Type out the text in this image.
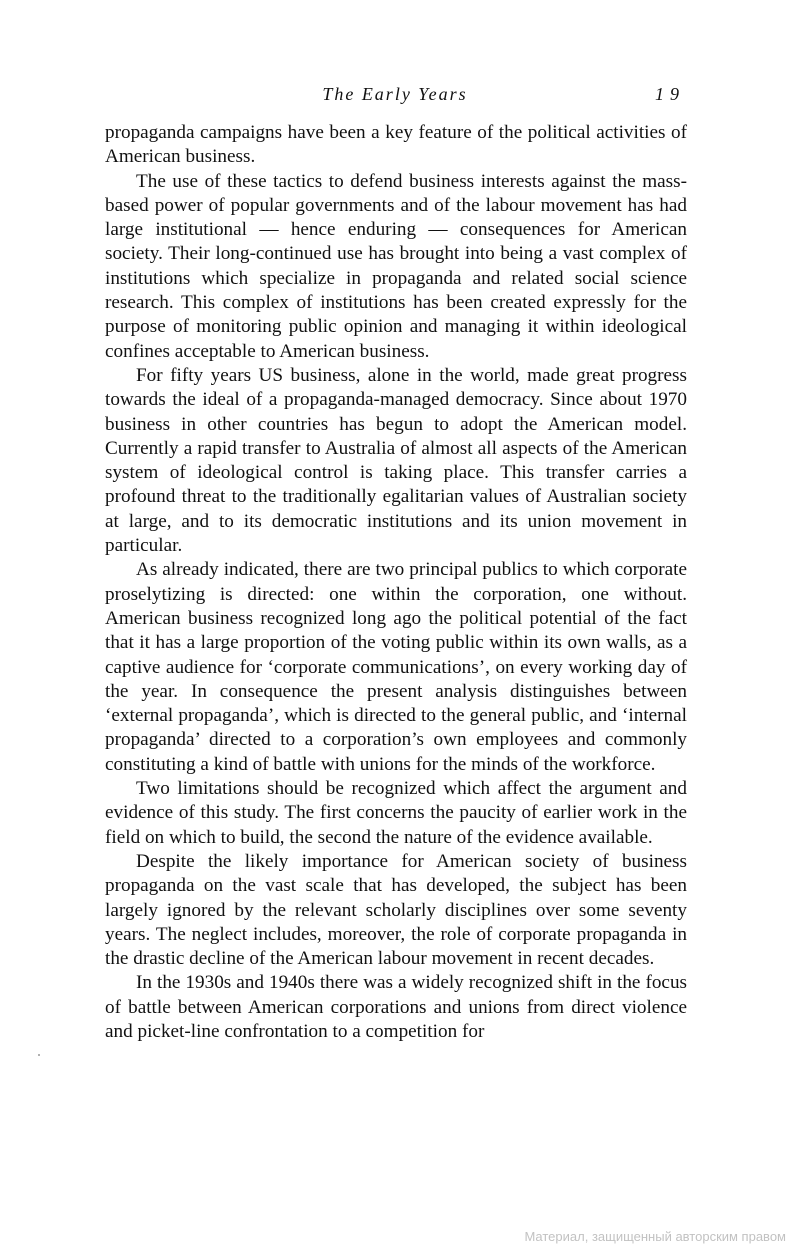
The Early Years	19

propaganda campaigns have been a key feature of the political activities of American business.

The use of these tactics to defend business interests against the mass-based power of popular governments and of the labour movement has had large institutional — hence enduring — consequences for American society. Their long-continued use has brought into being a vast complex of institutions which specialize in propaganda and related social science research. This complex of institutions has been created expressly for the purpose of monitoring public opinion and managing it within ideological confines acceptable to American business.

For fifty years US business, alone in the world, made great progress towards the ideal of a propaganda-managed democracy. Since about 1970 business in other countries has begun to adopt the American model. Currently a rapid transfer to Australia of almost all aspects of the American system of ideological control is taking place. This transfer carries a profound threat to the traditionally egalitarian values of Australian society at large, and to its democratic institutions and its union movement in particular.

As already indicated, there are two principal publics to which corporate proselytizing is directed: one within the corporation, one without. American business recognized long ago the political potential of the fact that it has a large proportion of the voting public within its own walls, as a captive audience for ‘corporate communications’, on every working day of the year. In consequence the present analysis distinguishes between ‘external propaganda’, which is directed to the general public, and ‘internal propaganda’ directed to a corporation’s own employees and commonly constituting a kind of battle with unions for the minds of the workforce.

Two limitations should be recognized which affect the argument and evidence of this study. The first concerns the paucity of earlier work in the field on which to build, the second the nature of the evidence available.

Despite the likely importance for American society of business propaganda on the vast scale that has developed, the subject has been largely ignored by the relevant scholarly disciplines over some seventy years. The neglect includes, moreover, the role of corporate propaganda in the drastic decline of the American labour movement in recent decades.

In the 1930s and 1940s there was a widely recognized shift in the focus of battle between American corporations and unions from direct violence and picket-line confrontation to a competition for

Материал, защищенный авторским правом
